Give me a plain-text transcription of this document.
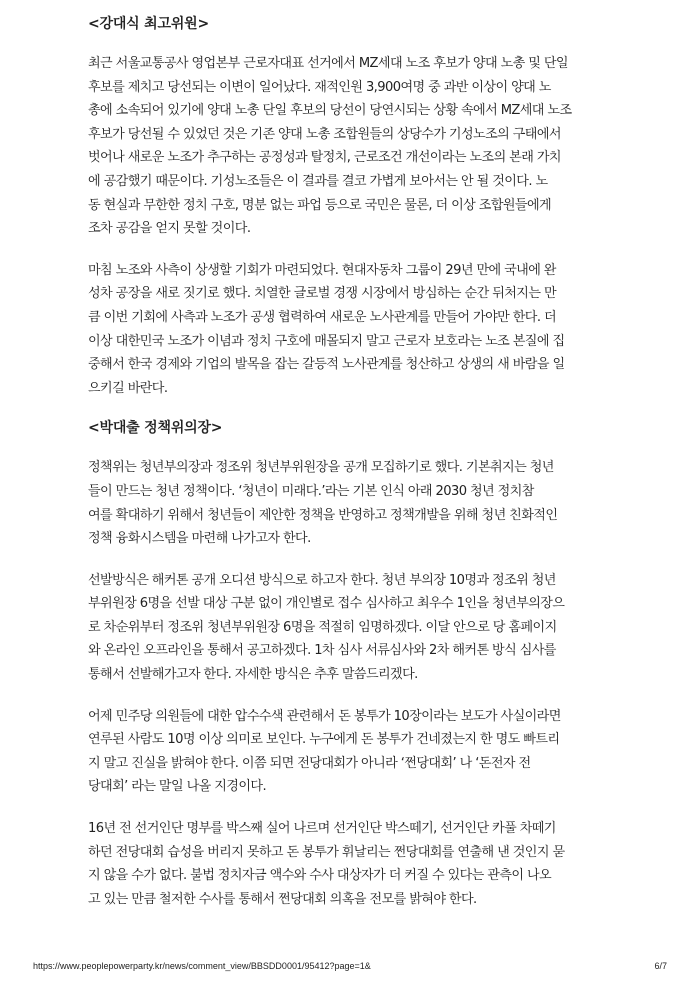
<강대식 최고위원>
최근 서울교통공사 영업본부 근로자대표 선거에서 MZ세대 노조 후보가 양대 노총 및 단일
후보를 제치고 당선되는 이변이 일어났다. 재적인원 3,900여명 중 과반 이상이 양대 노
총에 소속되어 있기에 양대 노총 단일 후보의 당선이 당연시되는 상황 속에서 MZ세대 노조
후보가 당선될 수 있었던 것은 기존 양대 노총 조합원들의 상당수가 기성노조의 구태에서
벗어나 새로운 노조가 추구하는 공정성과 탈정치, 근로조건 개선이라는 노조의 본래 가치
에 공감했기 때문이다. 기성노조들은 이 결과를 결코 가볍게 보아서는 안 될 것이다. 노
동 현실과 무한한 정치 구호, 명분 없는 파업 등으로 국민은 물론, 더 이상 조합원들에게
조차 공감을 얻지 못할 것이다.
마침 노조와 사측이 상생할 기회가 마련되었다. 현대자동차 그룹이 29년 만에 국내에 완
성차 공장을 새로 짓기로 했다. 치열한 글로벌 경쟁 시장에서 방심하는 순간 뒤처지는 만
큼 이번 기회에 사측과 노조가 공생 협력하여 새로운 노사관계를 만들어 가야만 한다. 더
이상 대한민국 노조가 이념과 정치 구호에 매몰되지 말고 근로자 보호라는 노조 본질에 집
중해서 한국 경제와 기업의 발목을 잡는 갈등적 노사관계를 청산하고 상생의 새 바람을 일
으키길 바란다.
<박대출 정책위의장>
정책위는 청년부의장과 정조위 청년부위원장을 공개 모집하기로 했다. 기본취지는 청년
들이 만드는 청년 정책이다. ‘청년이 미래다.’라는 기본 인식 아래 2030 청년 정치참
여를 확대하기 위해서 청년들이 제안한 정책을 반영하고 정책개발을 위해 청년 친화적인
정책 융화시스템을 마련해 나가고자 한다.
선발방식은 해커톤 공개 오디션 방식으로 하고자 한다. 청년 부의장 10명과 정조위 청년
부위원장 6명을 선발 대상 구분 없이 개인별로 접수 심사하고 최우수 1인을 청년부의장으
로 차순위부터 정조위 청년부위원장 6명을 적절히 임명하겠다. 이달 안으로 당 홈페이지
와 온라인 오프라인을 통해서 공고하겠다. 1차 심사 서류심사와 2차 해커톤 방식 심사를
통해서 선발해가고자 한다. 자세한 방식은 추후 말씀드리겠다.
어제 민주당 의원들에 대한 압수수색 관련해서 돈 봉투가 10장이라는 보도가 사실이라면
연루된 사람도 10명 이상 의미로 보인다. 누구에게 돈 봉투가 건네졌는지 한 명도 빠트리
지 말고 진실을 밝혀야 한다. 이쯤 되면 전당대회가 아니라 ‘쩐당대회’ 나 ‘돈전자 전
당대회’ 라는 말일 나올 지경이다.
16년 전 선거인단 명부를 박스째 실어 나르며 선거인단 박스떼기, 선거인단 카풀 차떼기
하던 전당대회 습성을 버리지 못하고 돈 봉투가 휘날리는 쩐당대회를 연출해 낸 것인지 묻
지 않을 수가 없다. 불법 정치자금 액수와 수사 대상자가 더 커질 수 있다는 관측이 나오
고 있는 만큼 철저한 수사를 통해서 쩐당대회 의혹을 전모를 밝혀야 한다.
https://www.peoplepowerparty.kr/news/comment_view/BBSDD0001/95412?page=1&	6/7
